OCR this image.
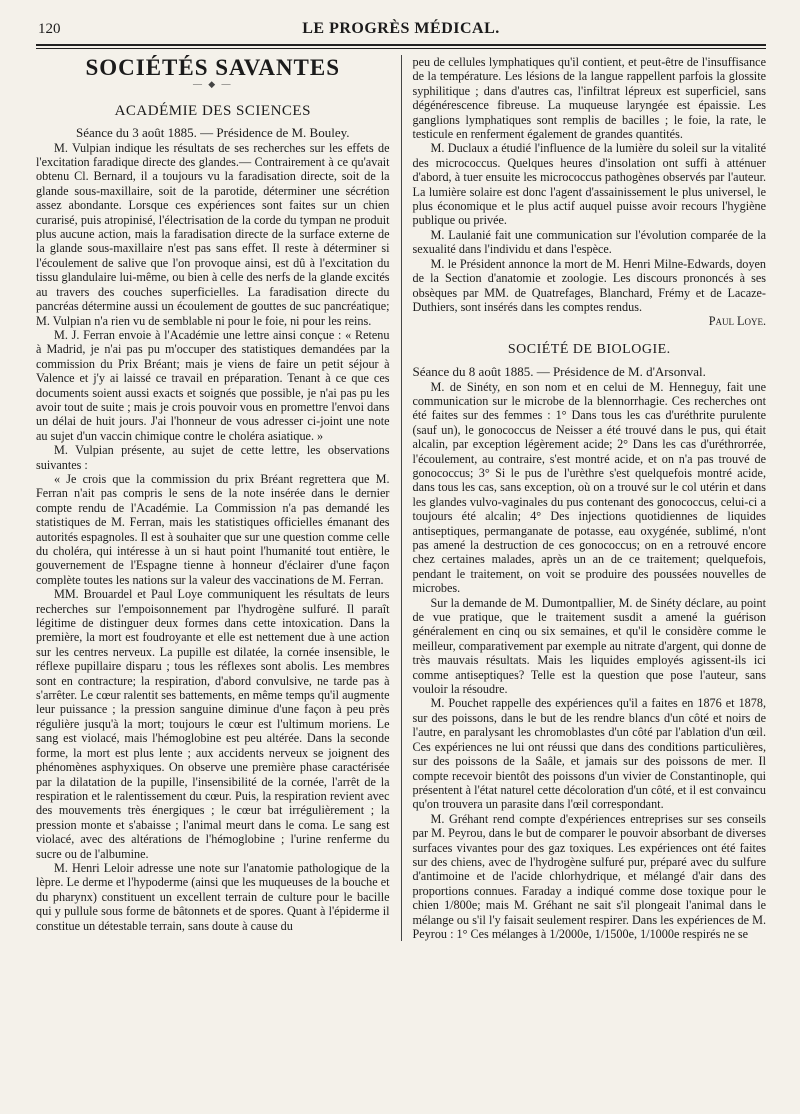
120	LE PROGRÈS MÉDICAL.
SOCIÉTÉS SAVANTES
— ◆ —
ACADÉMIE DES SCIENCES

Séance du 3 août 1885. — Présidence de M. Bouley.

M. Vulpian indique les résultats de ses recherches sur les effets de l'excitation faradique directe des glandes.— Contrairement à ce qu'avait obtenu Cl. Bernard, il a toujours vu la faradisation directe, soit de la glande sous-maxillaire, soit de la parotide, déterminer une sécrétion assez abondante. Lorsque ces expériences sont faites sur un chien curarisé, puis atropinisé, l'électrisation de la corde du tympan ne produit plus aucune action, mais la faradisation directe de la surface externe de la glande sous-maxillaire n'est pas sans effet. Il reste à déterminer si l'écoulement de salive que l'on provoque ainsi, est dû à l'excitation du tissu glandulaire lui-même, ou bien à celle des nerfs de la glande excités au travers des couches superficielles. La faradisation directe du pancréas détermine aussi un écoulement de gouttes de suc pancréatique; M. Vulpian n'a rien vu de semblable ni pour le foie, ni pour les reins.

M. J. Ferran envoie à l'Académie une lettre ainsi conçue : « Retenu à Madrid, je n'ai pas pu m'occuper des statistiques demandées par la commission du Prix Bréant; mais je viens de faire un petit séjour à Valence et j'y ai laissé ce travail en préparation. Tenant à ce que ces documents soient aussi exacts et soignés que possible, je n'ai pas pu les avoir tout de suite ; mais je crois pouvoir vous en promettre l'envoi dans un délai de huit jours. J'ai l'honneur de vous adresser ci-joint une note au sujet d'un vaccin chimique contre le choléra asiatique. »

M. Vulpian présente, au sujet de cette lettre, les observations suivantes :

« Je crois que la commission du prix Bréant regrettera que M. Ferran n'ait pas compris le sens de la note insérée dans le dernier compte rendu de l'Académie. La Commission n'a pas demandé les statistiques de M. Ferran, mais les statistiques officielles émanant des autorités espagnoles. Il est à souhaiter que sur une question comme celle du choléra, qui intéresse à un si haut point l'humanité tout entière, le gouvernement de l'Espagne tienne à honneur d'éclairer d'une façon complète toutes les nations sur la valeur des vaccinations de M. Ferran.

MM. Brouardel et Paul Loye communiquent les résultats de leurs recherches sur l'empoisonnement par l'hydrogène sulfuré. Il paraît légitime de distinguer deux formes dans cette intoxication. Dans la première, la mort est foudroyante et elle est nettement due à une action sur les centres nerveux. La pupille est dilatée, la cornée insensible, le réflexe pupillaire disparu ; tous les réflexes sont abolis. Les membres sont en contracture; la respiration, d'abord convulsive, ne tarde pas à s'arrêter. Le cœur ralentit ses battements, en même temps qu'il augmente leur puissance ; la pression sanguine diminue d'une façon à peu près régulière jusqu'à la mort; toujours le cœur est l'ultimum moriens. Le sang est violacé, mais l'hémoglobine est peu altérée. Dans la seconde forme, la mort est plus lente ; aux accidents nerveux se joignent des phénomènes asphyxiques. On observe une première phase caractérisée par la dilatation de la pupille, l'insensibilité de la cornée, l'arrêt de la respiration et le ralentissement du cœur. Puis, la respiration revient avec des mouvements très énergiques ; le cœur bat irrégulièrement ; la pression monte et s'abaisse ; l'animal meurt dans le coma. Le sang est violacé, avec des altérations de l'hémoglobine ; l'urine renferme du sucre ou de l'albumine.

M. Henri Leloir adresse une note sur l'anatomie pathologique de la lèpre. Le derme et l'hypoderme (ainsi que les muqueuses de la bouche et du pharynx) constituent un excellent terrain de culture pour le bacille qui y pullule sous forme de bâtonnets et de spores. Quant à l'épiderme il constitue un détestable terrain, sans doute à cause du

peu de cellules lymphatiques qu'il contient, et peut-être de l'insuffisance de la température. Les lésions de la langue rappellent parfois la glossite syphilitique ; dans d'autres cas, l'infiltrat lépreux est superficiel, sans dégénérescence fibreuse. La muqueuse laryngée est épaissie. Les ganglions lymphatiques sont remplis de bacilles ; le foie, la rate, le testicule en renferment également de grandes quantités.

M. Duclaux a étudié l'influence de la lumière du soleil sur la vitalité des micrococcus. Quelques heures d'insolation ont suffi à atténuer d'abord, à tuer ensuite les micrococcus pathogènes observés par l'auteur. La lumière solaire est donc l'agent d'assainissement le plus universel, le plus économique et le plus actif auquel puisse avoir recours l'hygiène publique ou privée.

M. Laulanié fait une communication sur l'évolution comparée de la sexualité dans l'individu et dans l'espèce.

M. le Président annonce la mort de M. Henri Milne-Edwards, doyen de la Section d'anatomie et zoologie. Les discours prononcés à ses obsèques par MM. de Quatrefages, Blanchard, Frémy et de Lacaze-Duthiers, sont insérés dans les comptes rendus.

Paul Loye.

SOCIÉTÉ DE BIOLOGIE.

Séance du 8 août 1885. — Présidence de M. d'Arsonval.

M. de Sinéty, en son nom et en celui de M. Henneguy, fait une communication sur le microbe de la blennorrhagie. Ces recherches ont été faites sur des femmes : 1° Dans tous les cas d'uréthrite purulente (sauf un), le gonococcus de Neisser a été trouvé dans le pus, qui était alcalin, par exception légèrement acide; 2° Dans les cas d'uréthrorrée, l'écoulement, au contraire, s'est montré acide, et on n'a pas trouvé de gonococcus; 3° Si le pus de l'urèthre s'est quelquefois montré acide, dans tous les cas, sans exception, où on a trouvé sur le col utérin et dans les glandes vulvo-vaginales du pus contenant des gonococcus, celui-ci a toujours été alcalin; 4° Des injections quotidiennes de liquides antiseptiques, permanganate de potasse, eau oxygénée, sublimé, n'ont pas amené la destruction de ces gonococcus; on en a retrouvé encore chez certaines malades, après un an de ce traitement; quelquefois, pendant le traitement, on voit se produire des poussées nouvelles de microbes.

Sur la demande de M. Dumontpallier, M. de Sinéty déclare, au point de vue pratique, que le traitement susdit a amené la guérison généralement en cinq ou six semaines, et qu'il le considère comme le meilleur, comparativement par exemple au nitrate d'argent, qui donne de très mauvais résultats. Mais les liquides employés agissent-ils ici comme antiseptiques? Telle est la question que pose l'auteur, sans vouloir la résoudre.

M. Pouchet rappelle des expériences qu'il a faites en 1876 et 1878, sur des poissons, dans le but de les rendre blancs d'un côté et noirs de l'autre, en paralysant les chromoblastes d'un côté par l'ablation d'un œil. Ces expériences ne lui ont réussi que dans des conditions particulières, sur des poissons de la Saâle, et jamais sur des poissons de mer. Il compte recevoir bientôt des poissons d'un vivier de Constantinople, qui présentent à l'état naturel cette décoloration d'un côté, et il est convaincu qu'on trouvera un parasite dans l'œil correspondant.

M. Gréhant rend compte d'expériences entreprises sur ses conseils par M. Peyrou, dans le but de comparer le pouvoir absorbant de diverses surfaces vivantes pour des gaz toxiques. Les expériences ont été faites sur des chiens, avec de l'hydrogène sulfuré pur, préparé avec du sulfure d'antimoine et de l'acide chlorhydrique, et mélangé d'air dans des proportions connues. Faraday a indiqué comme dose toxique pour le chien 1/800e; mais M. Gréhant ne sait s'il plongeait l'animal dans le mélange ou s'il l'y faisait seulement respirer. Dans les expériences de M. Peyrou : 1° Ces mélanges à 1/2000e, 1/1500e, 1/1000e respirés ne se
